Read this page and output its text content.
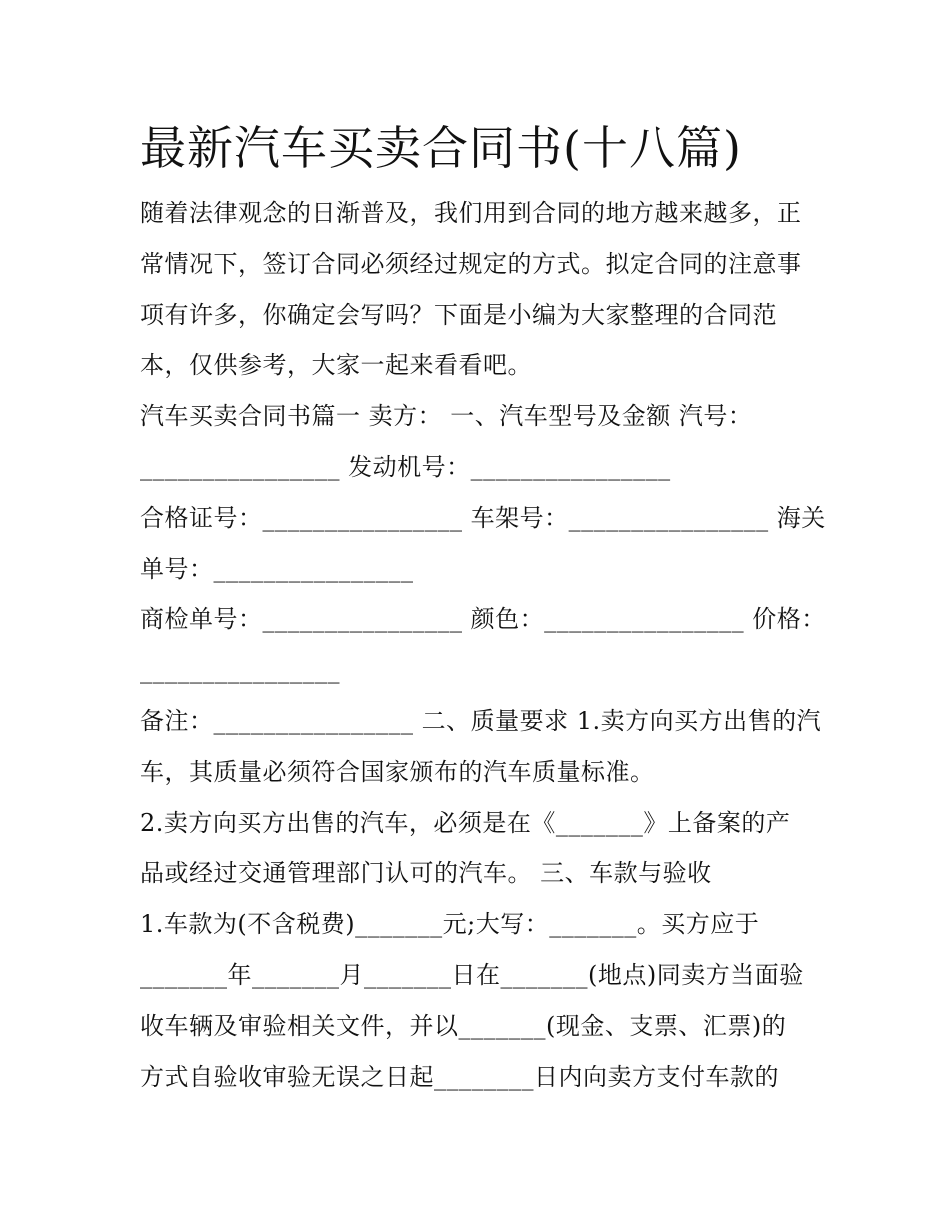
最新汽车买卖合同书(十八篇)
随着法律观念的日渐普及，我们用到合同的地方越来越多，正
常情况下，签订合同必须经过规定的方式。拟定合同的注意事
项有许多，你确定会写吗？下面是小编为大家整理的合同范
本，仅供参考，大家一起来看看吧。
汽车买卖合同书篇一 卖方： 一、汽车型号及金额 汽号：
________________ 发动机号：________________
合格证号：________________ 车架号：________________ 海关
单号：________________
商检单号：________________ 颜色：________________ 价格：
________________
备注：________________ 二、质量要求 1.卖方向买方出售的汽
车，其质量必须符合国家颁布的汽车质量标准。
2.卖方向买方出售的汽车，必须是在《_______》上备案的产
品或经过交通管理部门认可的汽车。 三、车款与验收
1.车款为(不含税费)_______元;大写：_______。买方应于
_______年_______月_______日在_______(地点)同卖方当面验
收车辆及审验相关文件，并以_______(现金、支票、汇票)的
方式自验收审验无误之日起________日内向卖方支付车款的
